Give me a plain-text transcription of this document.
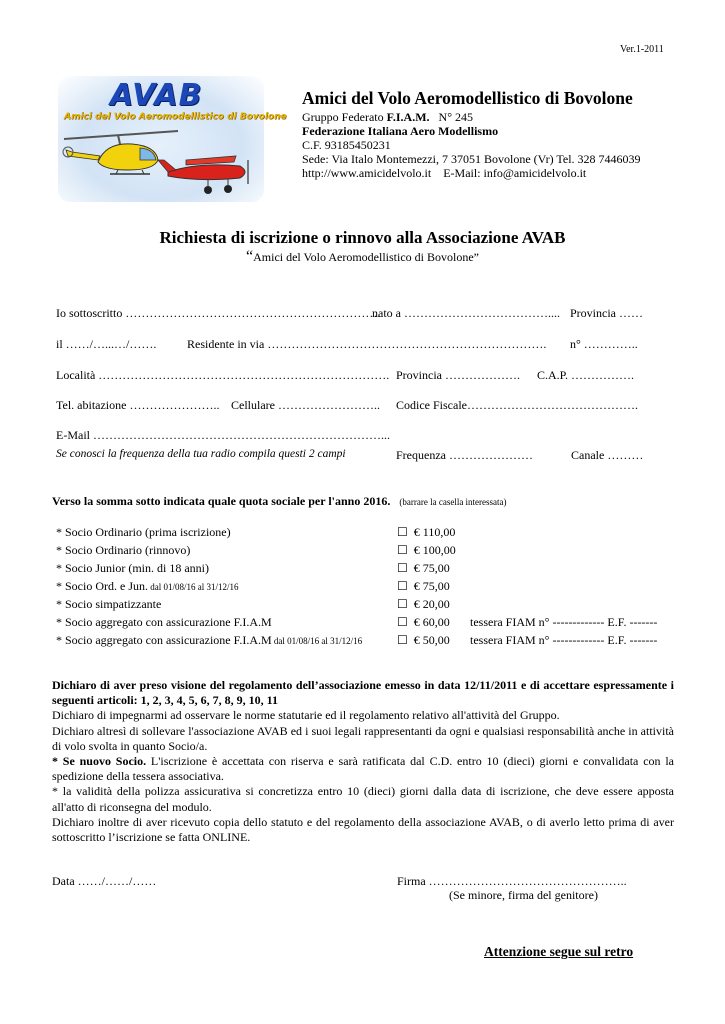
Ver.1-2011
AVAB
Amici del Volo Aeromodellistico di Bovolone
Amici del Volo Aeromodellistico di Bovolone
Gruppo Federato F.I.A.M. N° 245
Federazione Italiana Aero Modellismo
C.F. 93185450231
Sede: Via Italo Montemezzi, 7 37051 Bovolone (Vr) Tel. 328 7446039
http://www.amicidelvolo.it E-Mail: info@amicidelvolo.it
Richiesta di iscrizione o rinnovo alla Associazione AVAB
“Amici del Volo Aeromodellistico di Bovolone”
Io sottoscritto ……………………………………………………….
nato a ……………………………….... Provincia ……
il ……/…...…/…….	Residente in via ……………………………………………………………. n° …………..
Località ………………………………………………………………. Provincia ………………. C.A.P. …………….
Tel. abitazione ………………….. Cellulare …………………….. Codice Fiscale…………………………………….
E-Mail ………………………………………………………………...
Se conosci la frequenza della tua radio compila questi 2 campi	Frequenza …………………	Canale ………
Verso la somma sotto indicata quale quota sociale per l'anno 2016. (barrare la casella interessata)
* Socio Ordinario (prima iscrizione)	☐ € 110,00
* Socio Ordinario (rinnovo)	☐ € 100,00
* Socio Junior (min. di 18 anni)	☐ € 75,00
* Socio Ord. e Jun. dal 01/08/16 al 31/12/16	☐ € 75,00
* Socio simpatizzante	☐ € 20,00
* Socio aggregato con assicurazione F.I.A.M	☐ € 60,00 tessera FIAM n° ------------- E.F. -------
* Socio aggregato con assicurazione F.I.A.M dal 01/08/16 al 31/12/16	☐ € 50,00 tessera FIAM n° ------------- E.F. -------

Dichiaro di aver preso visione del regolamento dell’associazione emesso in data 12/11/2011 e di accettare espressamente i seguenti articoli: 1, 2, 3, 4, 5, 6, 7, 8, 9, 10, 11

Dichiaro di impegnarmi ad osservare le norme statutarie ed il regolamento relativo all'attività del Gruppo.

Dichiaro altresì di sollevare l'associazione AVAB ed i suoi legali rappresentanti da ogni e qualsiasi responsabilità anche in attività di volo svolta in quanto Socio/a.

* Se nuovo Socio. L'iscrizione è accettata con riserva e sarà ratificata dal C.D. entro 10 (dieci) giorni e convalidata con la spedizione della tessera associativa.

* la validità della polizza assicurativa si concretizza entro 10 (dieci) giorni dalla data di iscrizione, che deve essere apposta all'atto di riconsegna del modulo.

Dichiaro inoltre di aver ricevuto copia dello statuto e del regolamento della associazione AVAB, o di averlo letto prima di aver sottoscritto l’iscrizione se fatta ONLINE.

Data ……/……/……	Firma …………………………………………..
(Se minore, firma del genitore)
Attenzione segue sul retro
